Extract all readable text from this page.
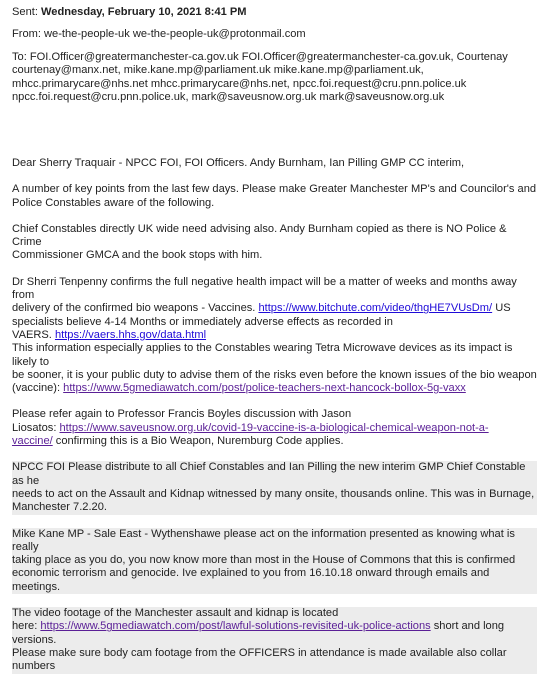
Sent: Wednesday, February 10, 2021 8:41 PM
From: we-the-people-uk we-the-people-uk@protonmail.com
To: FOI.Officer@greatermanchester-ca.gov.uk FOI.Officer@greatermanchester-ca.gov.uk, Courtenay
courtenay@manx.net, mike.kane.mp@parliament.uk mike.kane.mp@parliament.uk,
mhcc.primarycare@nhs.net mhcc.primarycare@nhs.net, npcc.foi.request@cru.pnn.police.uk
npcc.foi.request@cru.pnn.police.uk, mark@saveusnow.org.uk mark@saveusnow.org.uk
Dear Sherry Traquair - NPCC FOI, FOI Officers. Andy Burnham, Ian Pilling GMP CC interim,
A number of key points from the last few days. Please make Greater Manchester MP's and Councilor's and
Police Constables aware of the following.
Chief Constables directly UK wide need advising also. Andy Burnham copied as there is NO Police & Crime
Commissioner GMCA and the book stops with him.
Dr Sherri Tenpenny confirms the full negative health impact will be a matter of weeks and months away from
delivery of the confirmed bio weapons - Vaccines. https://www.bitchute.com/video/thgHE7VUsDm/ US
specialists believe 4-14 Months or immediately adverse effects as recorded in
VAERS. https://vaers.hhs.gov/data.html
This information especially applies to the Constables wearing Tetra Microwave devices as its impact is likely to
be sooner, it is your public duty to advise them of the risks even before the known issues of the bio weapon
(vaccine): https://www.5gmediawatch.com/post/police-teachers-next-hancock-bollox-5g-vaxx
Please refer again to Professor Francis Boyles discussion with Jason
Liosatos: https://www.saveusnow.org.uk/covid-19-vaccine-is-a-biological-chemical-weapon-not-a-
vaccine/ confirming this is a Bio Weapon, Nuremburg Code applies.
NPCC FOI Please distribute to all Chief Constables and Ian Pilling the new interim GMP Chief Constable as he
needs to act on the Assault and Kidnap witnessed by many onsite, thousands online. This was in Burnage,
Manchester 7.2.20.
Mike Kane MP - Sale East - Wythenshawe please act on the information presented as knowing what is really
taking place as you do, you now know more than most in the House of Commons that this is confirmed
economic terrorism and genocide. Ive explained to you from 16.10.18 onward through emails and meetings.
The video footage of the Manchester assault and kidnap is located
here: https://www.5gmediawatch.com/post/lawful-solutions-revisited-uk-police-actions short and long versions.
Please make sure body cam footage from the OFFICERS in attendance is made available also collar numbers
